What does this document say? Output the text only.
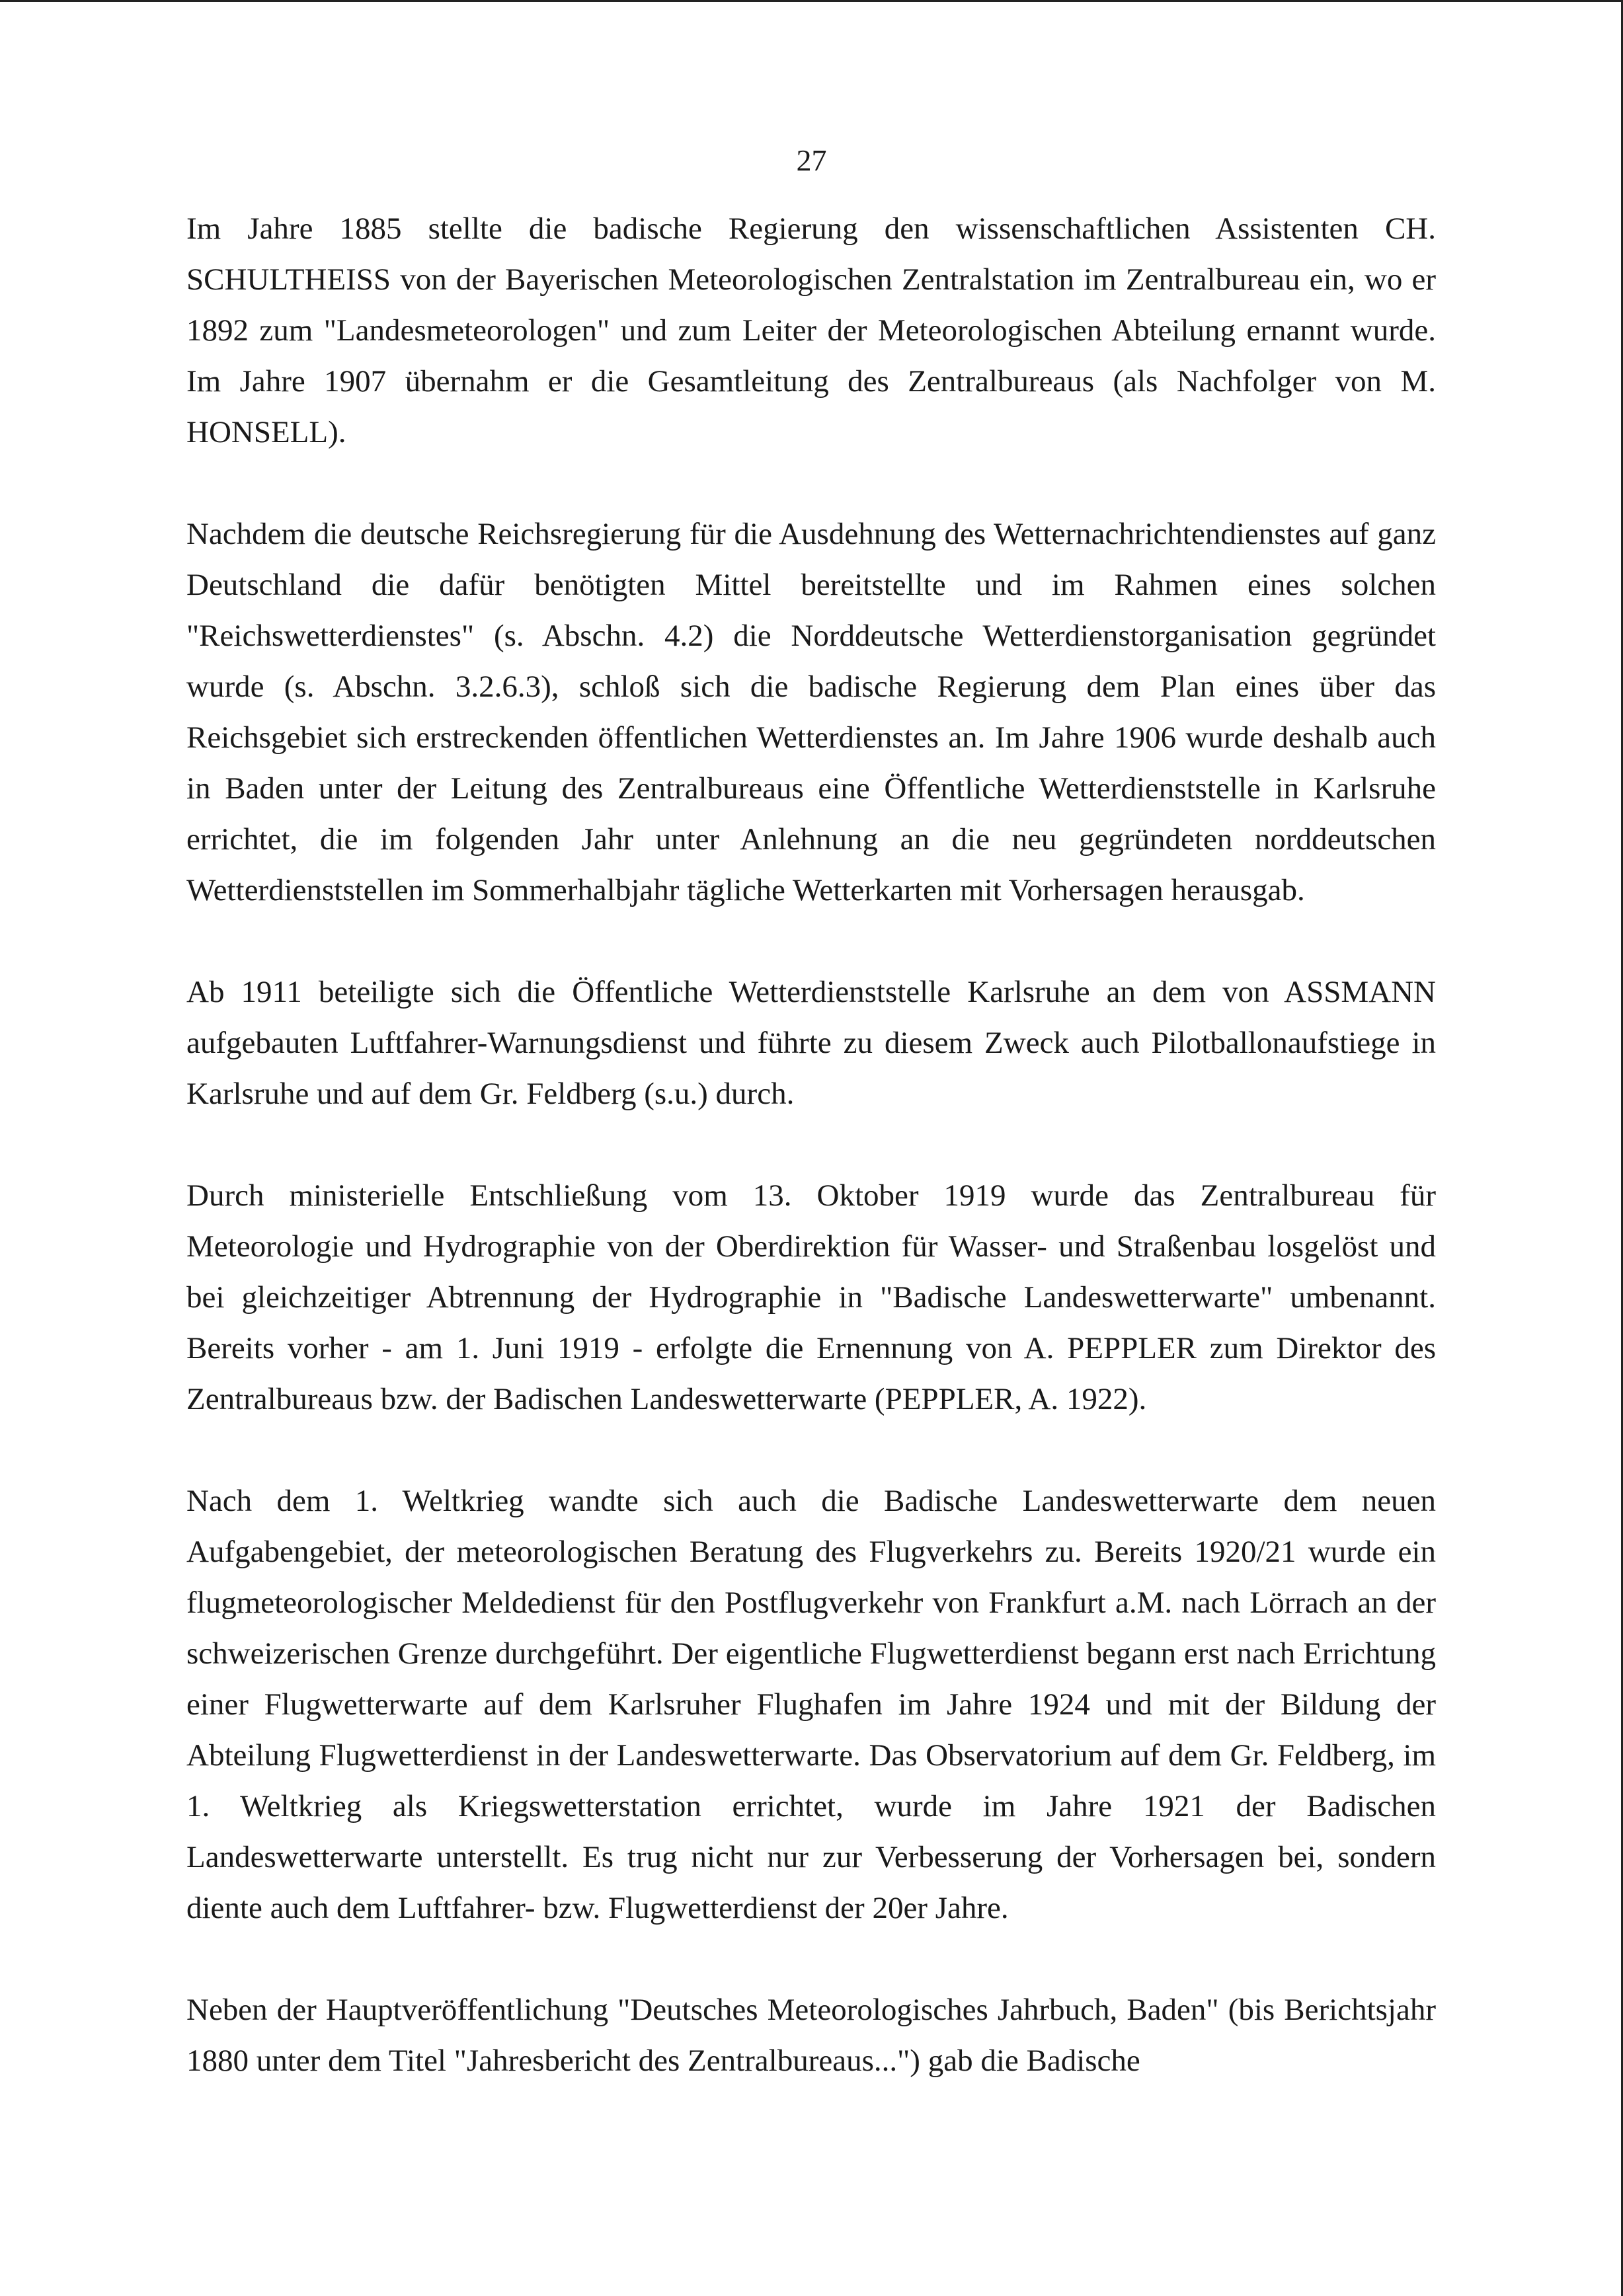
27

Im Jahre 1885 stellte die badische Regierung den wissenschaftlichen Assistenten CH. SCHULTHEISS von der Bayerischen Meteorologischen Zentralstation im Zentralbureau ein, wo er 1892 zum "Landesmeteorologen" und zum Leiter der Meteorologischen Abteilung ernannt wurde. Im Jahre 1907 übernahm er die Gesamtleitung des Zentralbureaus (als Nachfolger von M. HONSELL).

Nachdem die deutsche Reichsregierung für die Ausdehnung des Wetternachrichtendienstes auf ganz Deutschland die dafür benötigten Mittel bereitstellte und im Rahmen eines solchen "Reichswetterdienstes" (s. Abschn. 4.2) die Norddeutsche Wetterdienstorganisation gegründet wurde (s. Abschn. 3.2.6.3), schloß sich die badische Regierung dem Plan eines über das Reichsgebiet sich erstreckenden öffentlichen Wetterdienstes an. Im Jahre 1906 wurde deshalb auch in Baden unter der Leitung des Zentralbureaus eine Öffentliche Wetterdienststelle in Karlsruhe errichtet, die im folgenden Jahr unter Anlehnung an die neu gegründeten norddeutschen Wetterdienststellen im Sommerhalbjahr tägliche Wetterkarten mit Vorhersagen herausgab.

Ab 1911 beteiligte sich die Öffentliche Wetterdienststelle Karlsruhe an dem von ASSMANN aufgebauten Luftfahrer-Warnungsdienst und führte zu diesem Zweck auch Pilotballonaufstiege in Karlsruhe und auf dem Gr. Feldberg (s.u.) durch.

Durch ministerielle Entschließung vom 13. Oktober 1919 wurde das Zentralbureau für Meteorologie und Hydrographie von der Oberdirektion für Wasser- und Straßenbau losgelöst und bei gleichzeitiger Abtrennung der Hydrographie in "Badische Landeswetterwarte" umbenannt. Bereits vorher - am 1. Juni 1919 - erfolgte die Ernennung von A. PEPPLER zum Direktor des Zentralbureaus bzw. der Badischen Landeswetterwarte (PEPPLER, A. 1922).

Nach dem 1. Weltkrieg wandte sich auch die Badische Landeswetterwarte dem neuen Aufgabengebiet, der meteorologischen Beratung des Flugverkehrs zu. Bereits 1920/21 wurde ein flugmeteorologischer Meldedienst für den Postflugverkehr von Frankfurt a.M. nach Lörrach an der schweizerischen Grenze durchgeführt. Der eigentliche Flugwetterdienst begann erst nach Errichtung einer Flugwetterwarte auf dem Karlsruher Flughafen im Jahre 1924 und mit der Bildung der Abteilung Flugwetterdienst in der Landeswetterwarte. Das Observatorium auf dem Gr. Feldberg, im 1. Weltkrieg als Kriegswetterstation errichtet, wurde im Jahre 1921 der Badischen Landeswetterwarte unterstellt. Es trug nicht nur zur Verbesserung der Vorhersagen bei, sondern diente auch dem Luftfahrer- bzw. Flugwetterdienst der 20er Jahre.

Neben der Hauptveröffentlichung "Deutsches Meteorologisches Jahrbuch, Baden" (bis Berichtsjahr 1880 unter dem Titel "Jahresbericht des Zentralbureaus...") gab die Badische
